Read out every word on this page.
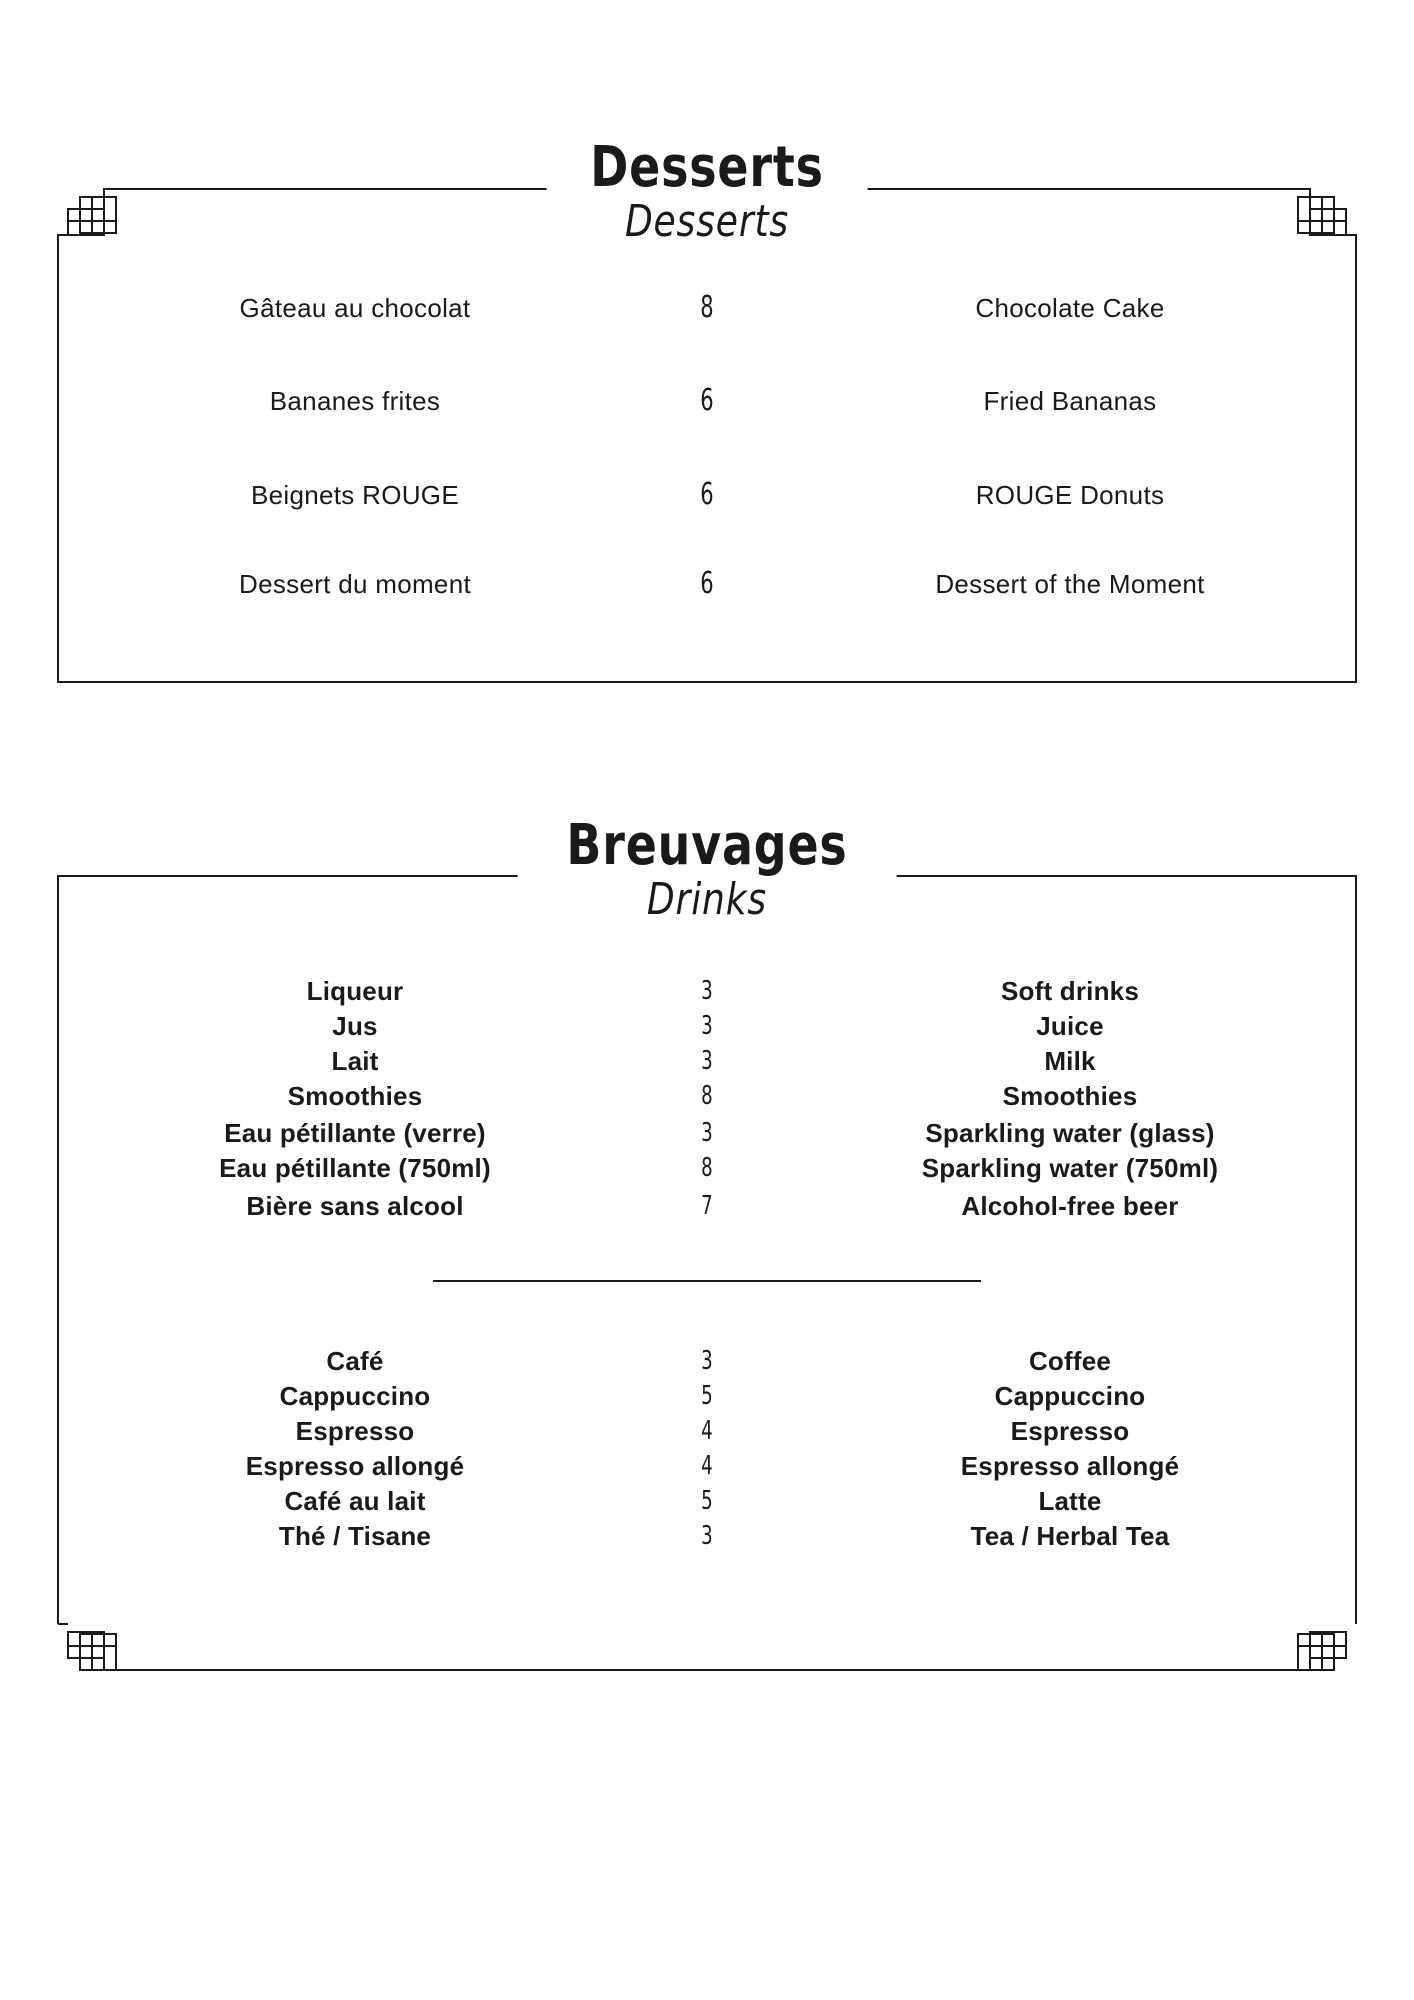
Desserts
Desserts
Gâteau au chocolat	8	Chocolate Cake
Bananes frites	6	Fried Bananas
Beignets ROUGE	6	ROUGE Donuts
Dessert du moment	6	Dessert of the Moment
Breuvages
Drinks
Liqueur	3	Soft drinks
Jus	3	Juice
Lait	3	Milk
Smoothies	8	Smoothies
Eau pétillante (verre)	3	Sparkling water (glass)
Eau pétillante (750ml)	8	Sparkling water (750ml)
Bière sans alcool	7	Alcohol-free beer
Café	3	Coffee
Cappuccino	5	Cappuccino
Espresso	4	Espresso
Espresso allongé	4	Espresso allongé
Café au lait	5	Latte
Thé / Tisane	3	Tea / Herbal Tea
